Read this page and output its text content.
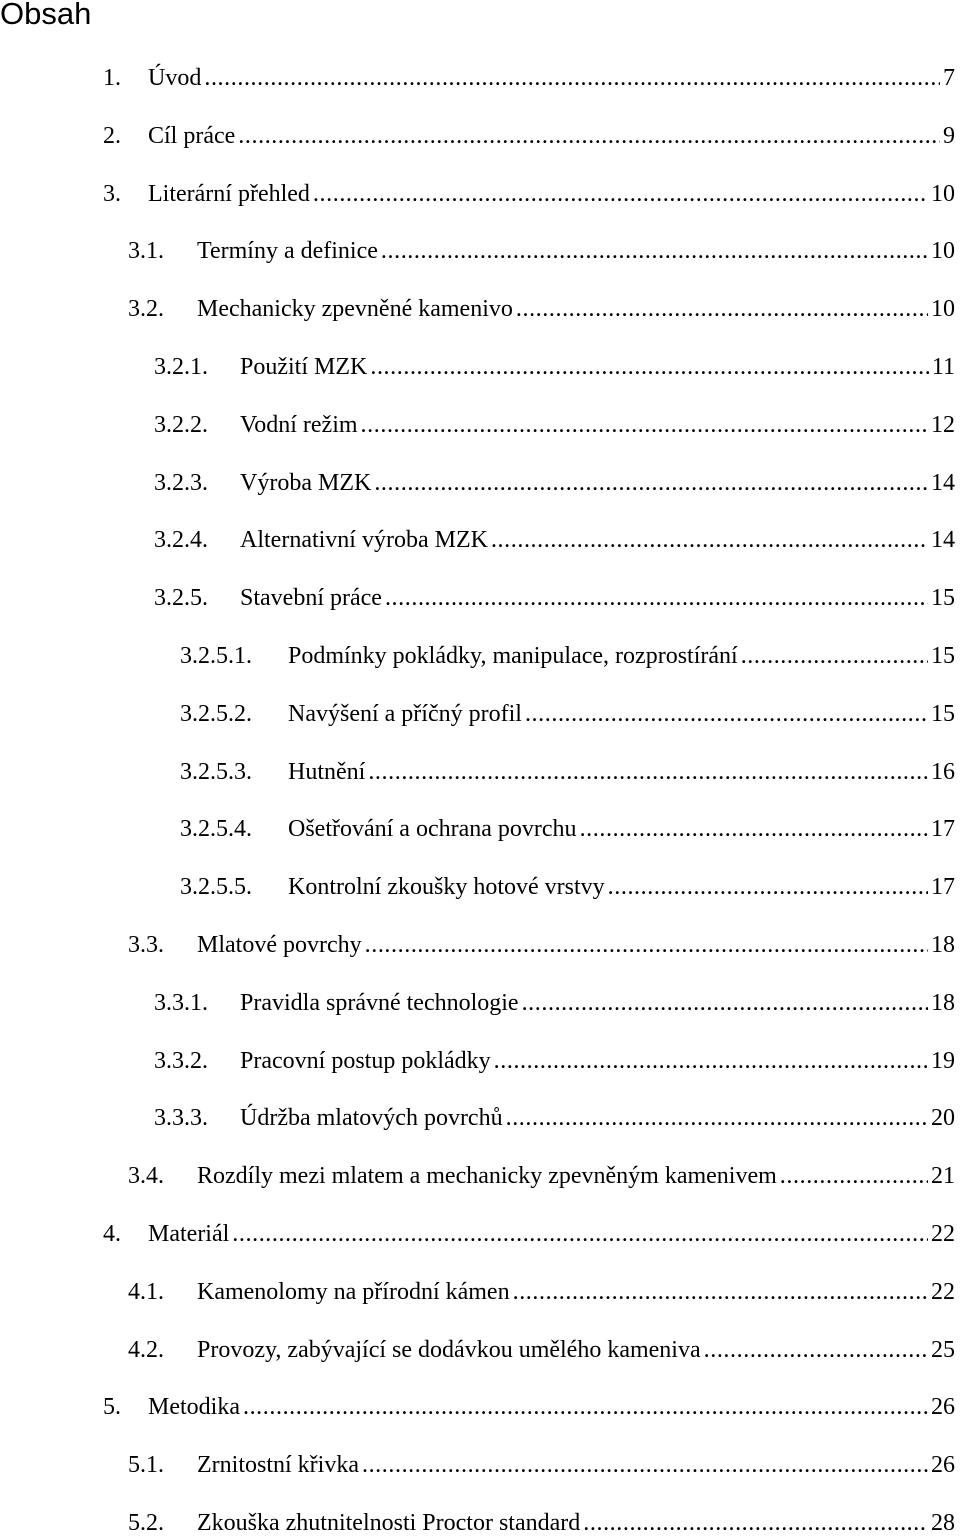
Obsah
1.	Úvod . . .	7
2.	Cíl práce . . .	9
3.	Literární přehled . . .	10
3.1.	Termíny a definice . . .	10
3.2.	Mechanicky zpevněné kamenivo . . .	10
3.2.1.	Použití MZK . . .	11
3.2.2.	Vodní režim . . .	12
3.2.3.	Výroba MZK . . .	14
3.2.4.	Alternativní výroba MZK . . .	14
3.2.5.	Stavební práce . . .	15
3.2.5.1.	Podmínky pokládky, manipulace, rozprostírání . . .	15
3.2.5.2.	Navýšení a příčný profil . . .	15
3.2.5.3.	Hutnění . . .	16
3.2.5.4.	Ošetřování a ochrana povrchu . . .	17
3.2.5.5.	Kontrolní zkoušky hotové vrstvy . . .	17
3.3.	Mlatové povrchy . . .	18
3.3.1.	Pravidla správné technologie . . .	18
3.3.2.	Pracovní postup pokládky . . .	19
3.3.3.	Údržba mlatových povrchů . . .	20
3.4.	Rozdíly mezi mlatem a mechanicky zpevněným kamenivem . . .	21
4.	Materiál . . .	22
4.1.	Kamenolomy na přírodní kámen . . .	22
4.2.	Provozy, zabývající se dodávkou umělého kameniva . . .	25
5.	Metodika . . .	26
5.1.	Zrnitostní křivka . . .	26
5.2.	Zkouška zhutnitelnosti Proctor standard . . .	28
